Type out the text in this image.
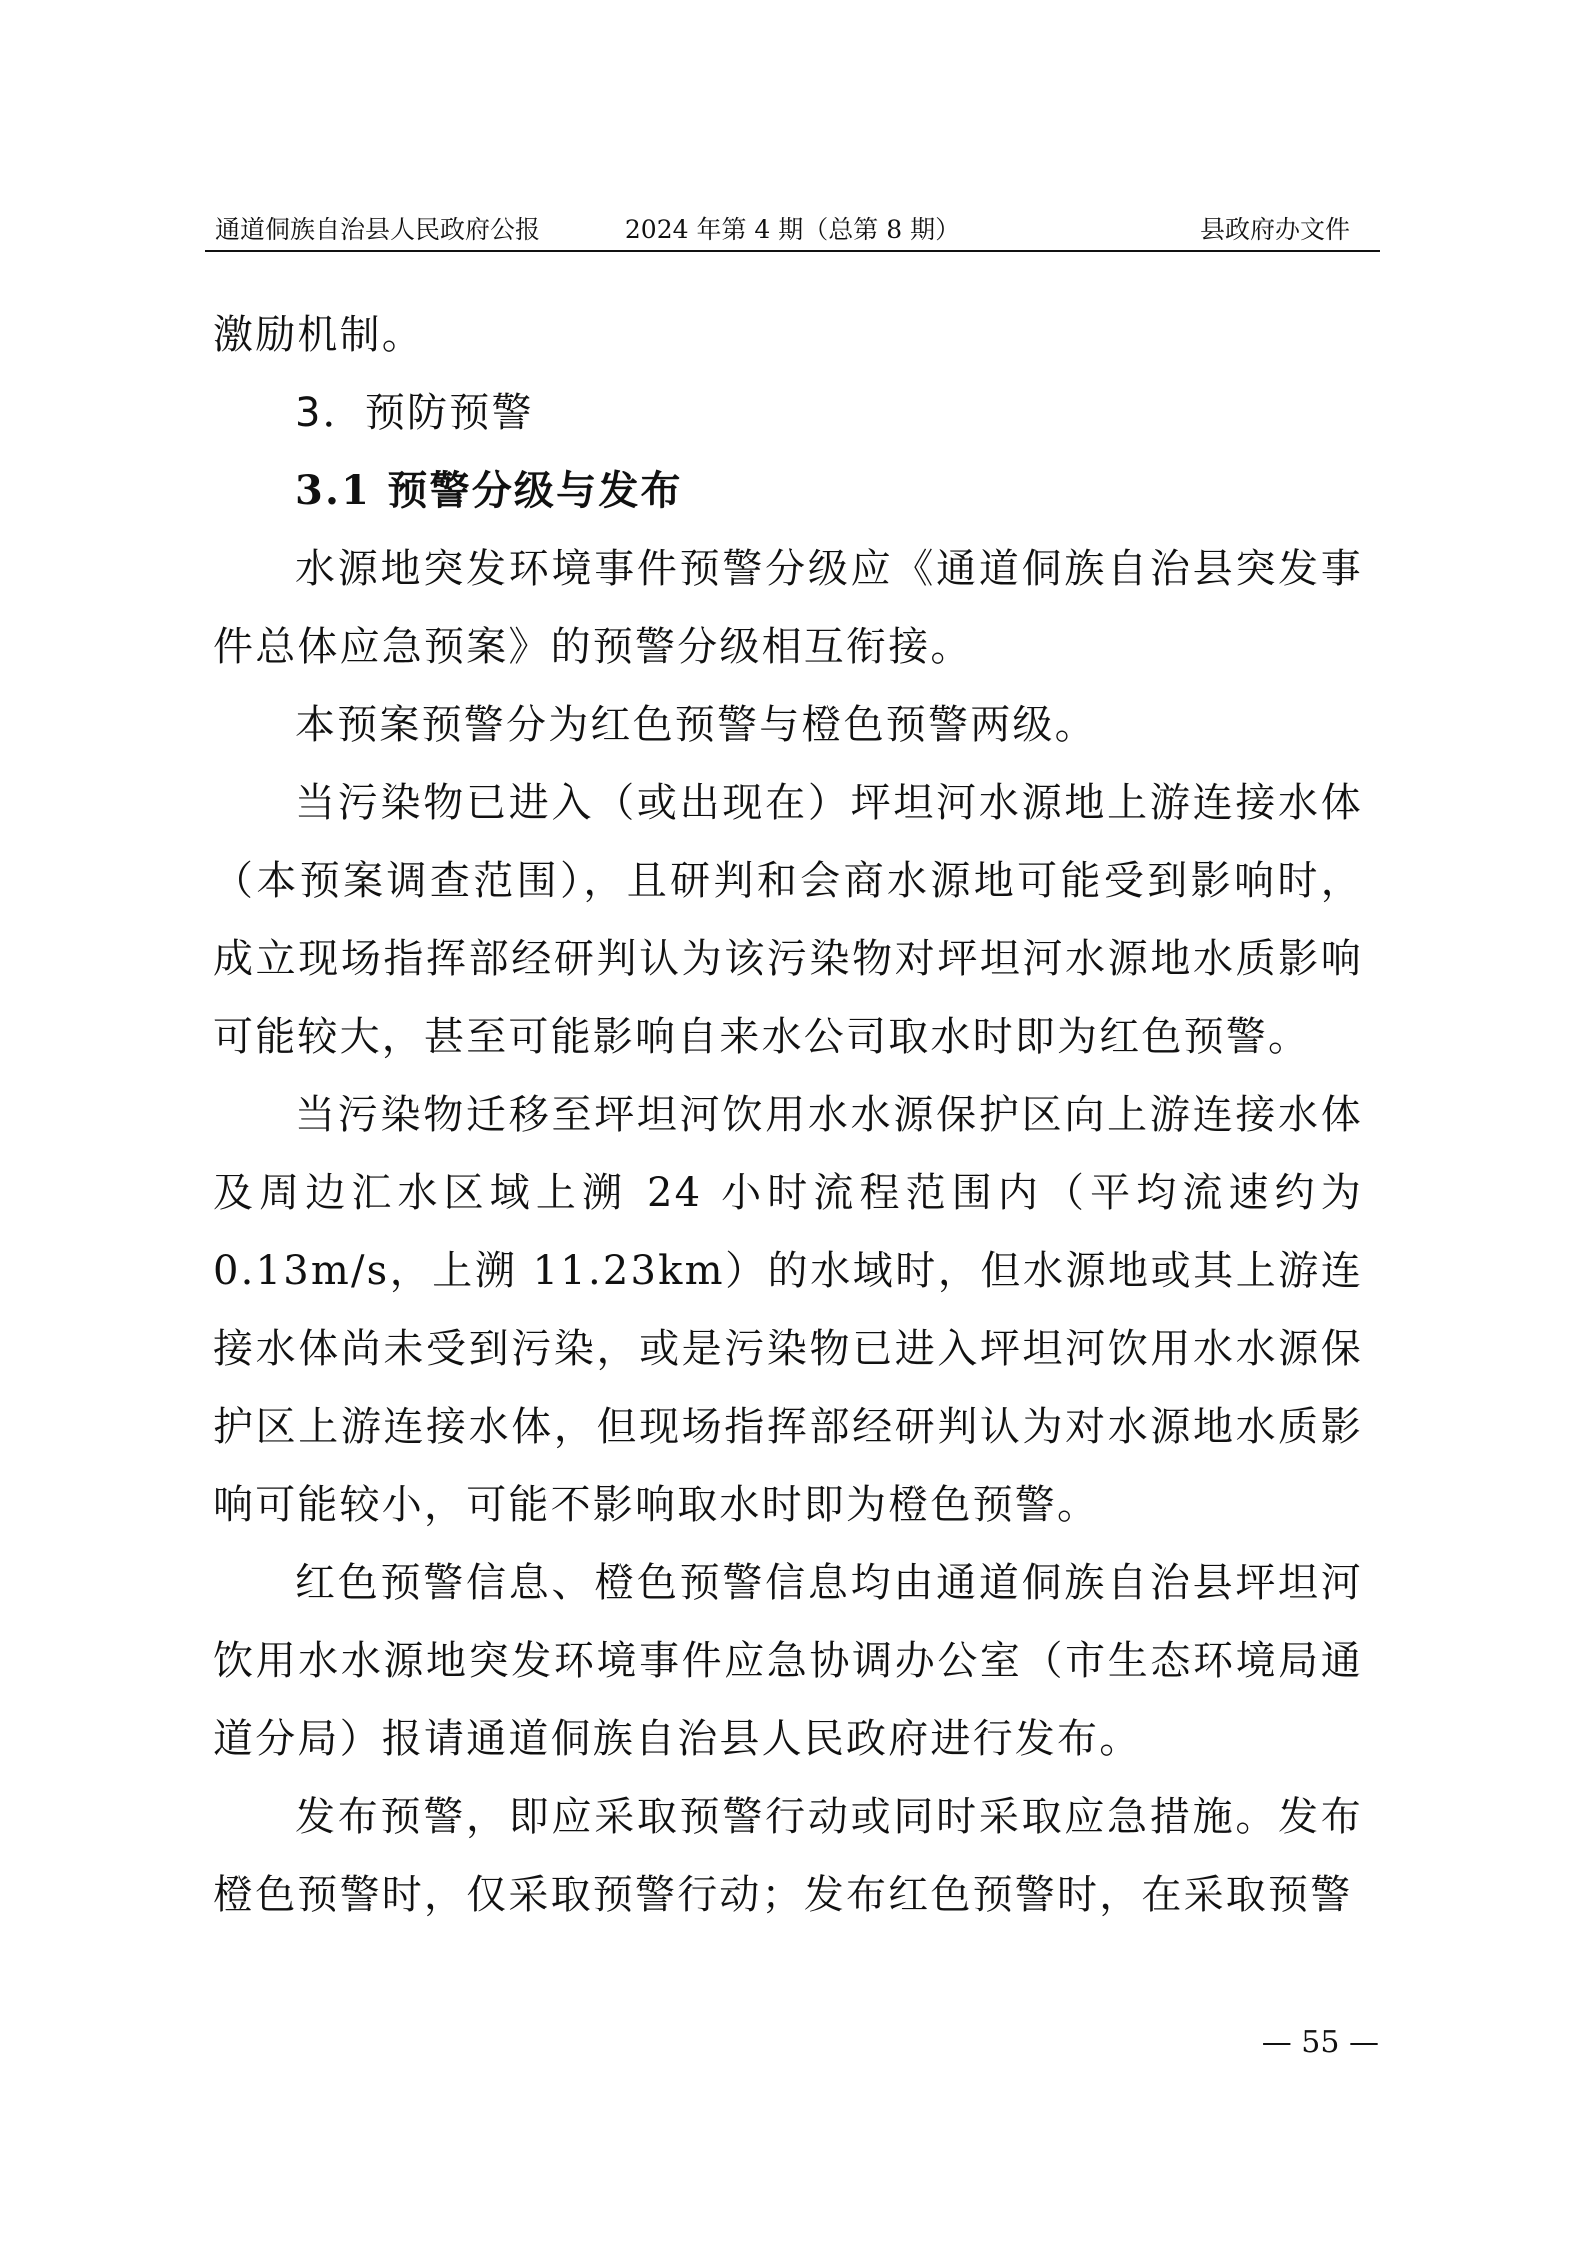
通道侗族自治县人民政府公报	2024 年第 4 期（总第 8 期）	县政府办文件

激励机制。

3．预防预警

3.1 预警分级与发布

水源地突发环境事件预警分级应《通道侗族自治县突发事件总体应急预案》的预警分级相互衔接。

本预案预警分为红色预警与橙色预警两级。

当污染物已进入（或出现在）坪坦河水源地上游连接水体（本预案调查范围），且研判和会商水源地可能受到影响时，成立现场指挥部经研判认为该污染物对坪坦河水源地水质影响可能较大，甚至可能影响自来水公司取水时即为红色预警。

当污染物迁移至坪坦河饮用水水源保护区向上游连接水体及周边汇水区域上溯 24 小时流程范围内（平均流速约为 0.13m/s，上溯 11.23km）的水域时，但水源地或其上游连接水体尚未受到污染，或是污染物已进入坪坦河饮用水水源保护区上游连接水体，但现场指挥部经研判认为对水源地水质影响可能较小，可能不影响取水时即为橙色预警。

红色预警信息、橙色预警信息均由通道侗族自治县坪坦河饮用水水源地突发环境事件应急协调办公室（市生态环境局通道分局）报请通道侗族自治县人民政府进行发布。

发布预警，即应采取预警行动或同时采取应急措施。发布橙色预警时，仅采取预警行动；发布红色预警时，在采取预警

— 55 —
